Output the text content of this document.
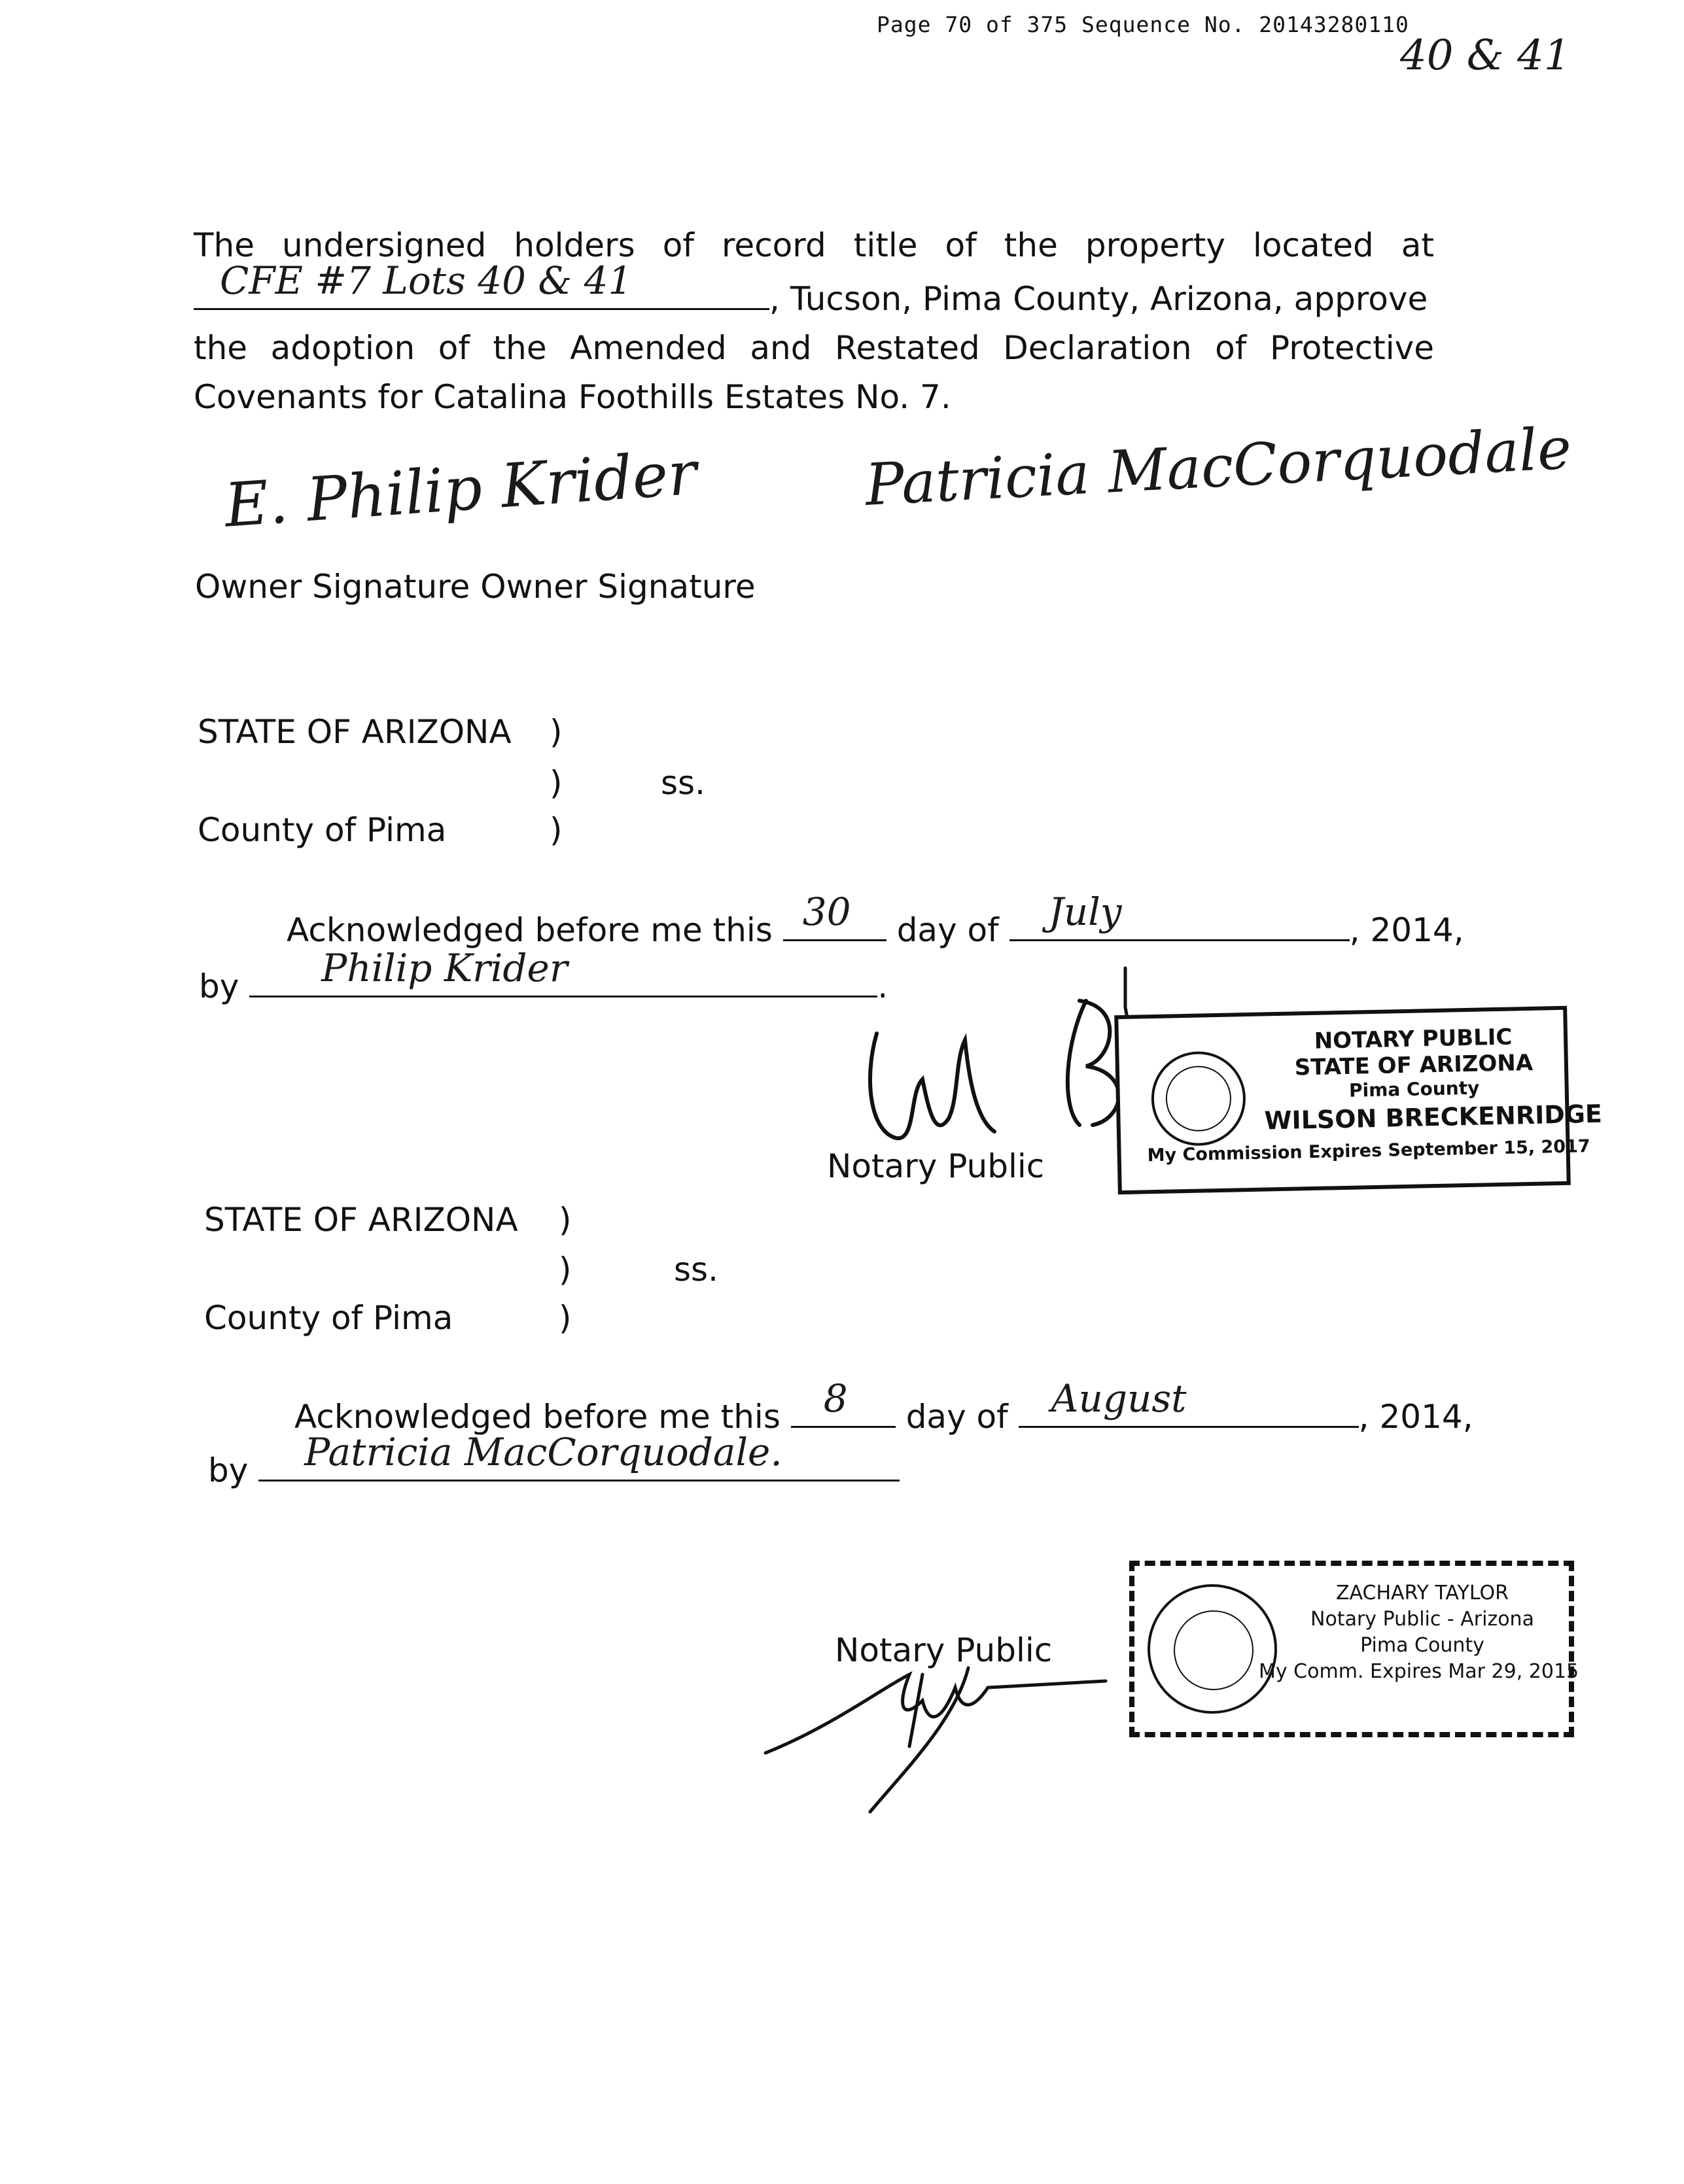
Page 70 of 375 Sequence No. 20143280110
40 & 41
The undersigned holders of record title of the property located at
CFE #7 Lots 40 & 41	, Tucson, Pima County, Arizona, approve
the adoption of the Amended and Restated Declaration of Protective
Covenants for Catalina Foothills Estates No. 7.
E. Philip Krider	Patricia MacCorquodale
Owner Signature Owner Signature
STATE OF ARIZONA )
)	ss.
County of Pima	)
Acknowledged before me this 30 day of July	, 2014,
by Philip Krider	.
NOTARY PUBLIC
STATE OF ARIZONA
Pima County
WILSON BRECKENRIDGE
My Commission Expires September 15, 2017
Notary Public
STATE OF ARIZONA )
)	ss.
County of Pima	)
Acknowledged before me this 8 day of August	, 2014,
by Patricia MacCorquodale.
Notary Public
ZACHARY TAYLOR
Notary Public - Arizona
Pima County
My Comm. Expires Mar 29, 2015
